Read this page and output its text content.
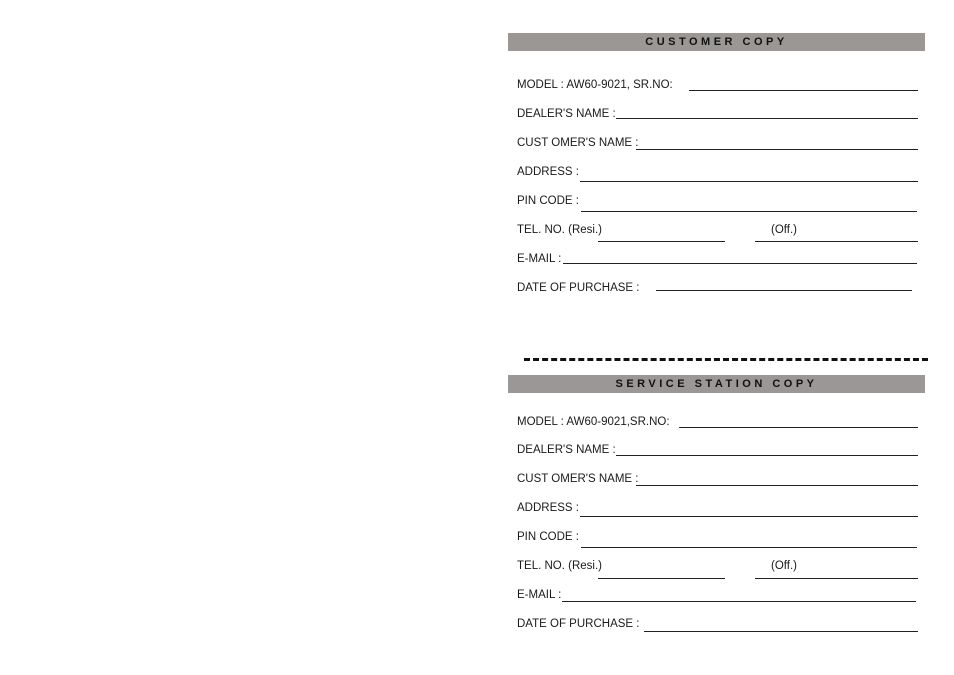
CUSTOMER COPY
MODEL : AW60-9021, SR.NO:
DEALER'S NAME :
CUST OMER'S NAME :
ADDRESS :
PIN CODE :
TEL. NO. (Resi.)	(Off.)
E-MAIL :
DATE OF PURCHASE :
SERVICE STATION COPY
MODEL : AW60-9021,SR.NO:
DEALER'S NAME :
CUST OMER'S NAME :
ADDRESS :
PIN CODE :
TEL. NO. (Resi.)	(Off.)
E-MAIL :
DATE OF PURCHASE :
